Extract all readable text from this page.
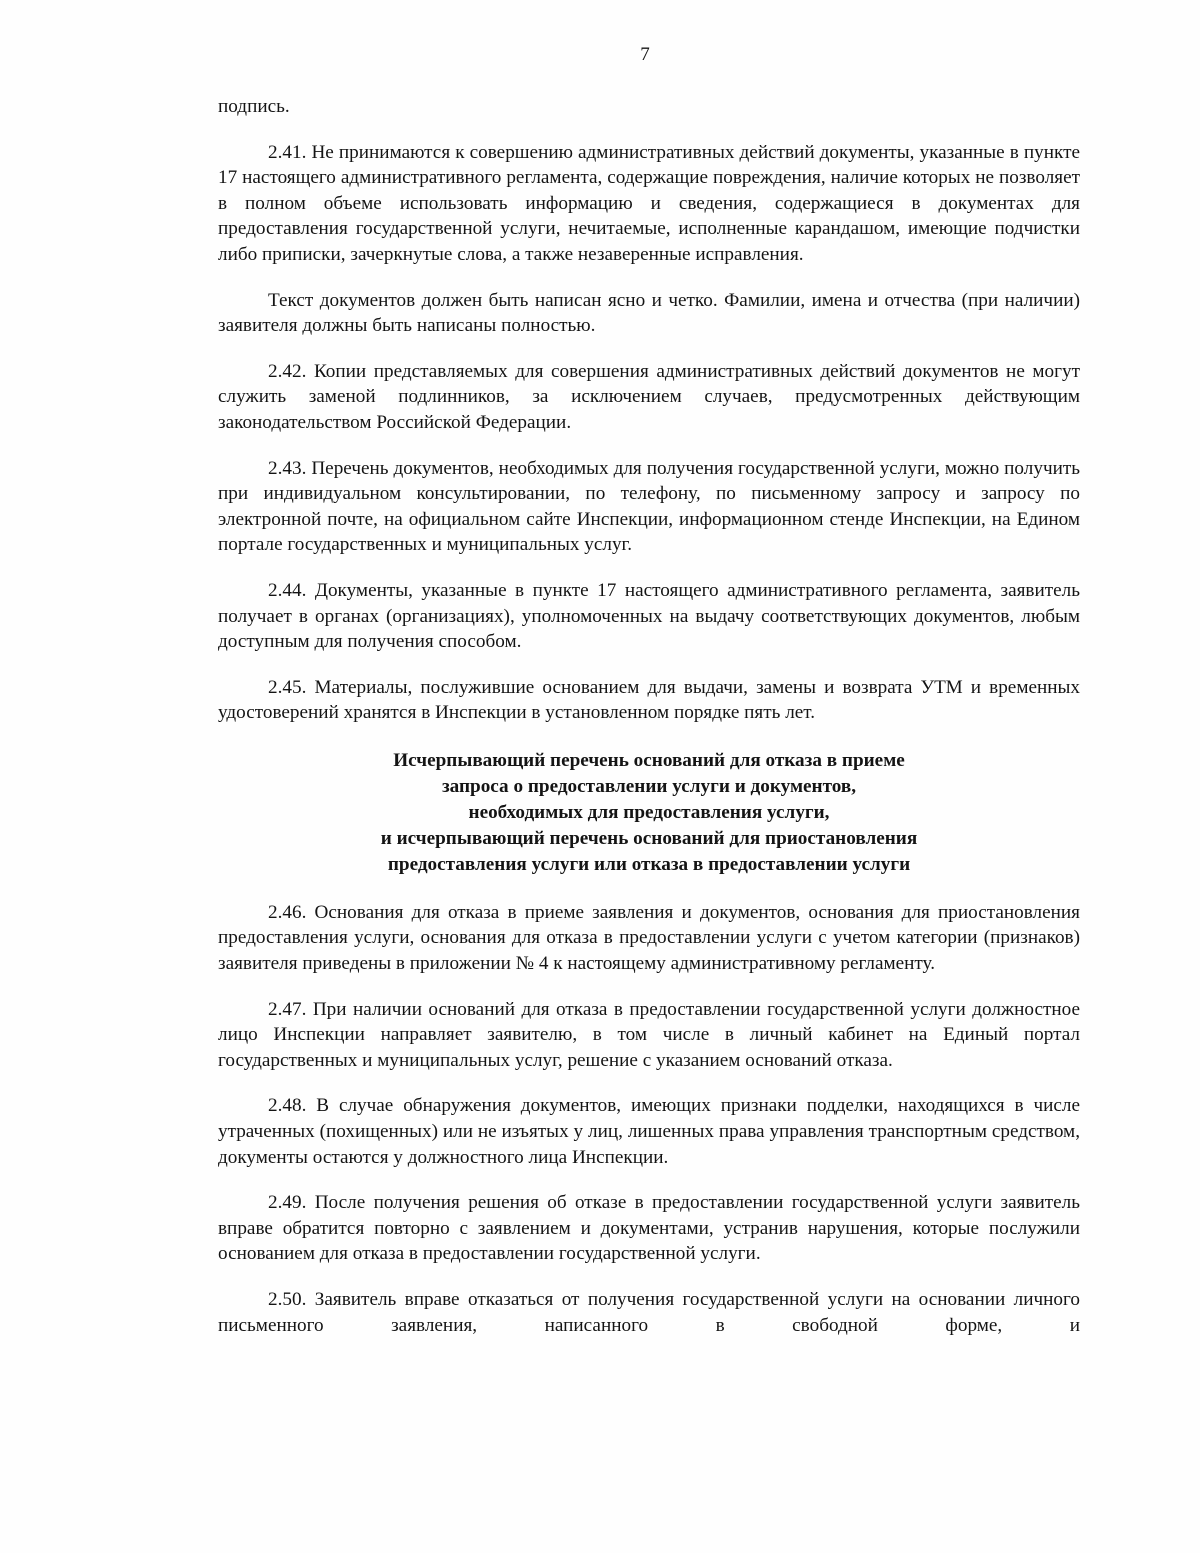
7

подпись.

2.41. Не принимаются к совершению административных действий документы, указанные в пункте 17 настоящего административного регламента, содержащие повреждения, наличие которых не позволяет в полном объеме использовать информацию и сведения, содержащиеся в документах для предоставления государственной услуги, нечитаемые, исполненные карандашом, имеющие подчистки либо приписки, зачеркнутые слова, а также незаверенные исправления.

Текст документов должен быть написан ясно и четко. Фамилии, имена и отчества (при наличии) заявителя должны быть написаны полностью.

2.42. Копии представляемых для совершения административных действий документов не могут служить заменой подлинников, за исключением случаев, предусмотренных действующим законодательством Российской Федерации.

2.43. Перечень документов, необходимых для получения государственной услуги, можно получить при индивидуальном консультировании, по телефону, по письменному запросу и запросу по электронной почте, на официальном сайте Инспекции, информационном стенде Инспекции, на Едином портале государственных и муниципальных услуг.

2.44. Документы, указанные в пункте 17 настоящего административного регламента, заявитель получает в органах (организациях), уполномоченных на выдачу соответствующих документов, любым доступным для получения способом.

2.45. Материалы, послужившие основанием для выдачи, замены и возврата УТМ и временных удостоверений хранятся в Инспекции в установленном порядке пять лет.

Исчерпывающий перечень оснований для отказа в приеме
запроса о предоставлении услуги и документов,
необходимых для предоставления услуги,
и исчерпывающий перечень оснований для приостановления
предоставления услуги или отказа в предоставлении услуги

2.46. Основания для отказа в приеме заявления и документов, основания для приостановления предоставления услуги, основания для отказа в предоставлении услуги с учетом категории (признаков) заявителя приведены в приложении № 4 к настоящему административному регламенту.

2.47. При наличии оснований для отказа в предоставлении государственной услуги должностное лицо Инспекции направляет заявителю, в том числе в личный кабинет на Единый портал государственных и муниципальных услуг, решение с указанием оснований отказа.

2.48. В случае обнаружения документов, имеющих признаки подделки, находящихся в числе утраченных (похищенных) или не изъятых у лиц, лишенных права управления транспортным средством, документы остаются у должностного лица Инспекции.

2.49. После получения решения об отказе в предоставлении государственной услуги заявитель вправе обратится повторно с заявлением и документами, устранив нарушения, которые послужили основанием для отказа в предоставлении государственной услуги.

2.50. Заявитель вправе отказаться от получения государственной услуги на основании личного письменного заявления, написанного в свободной форме, и
